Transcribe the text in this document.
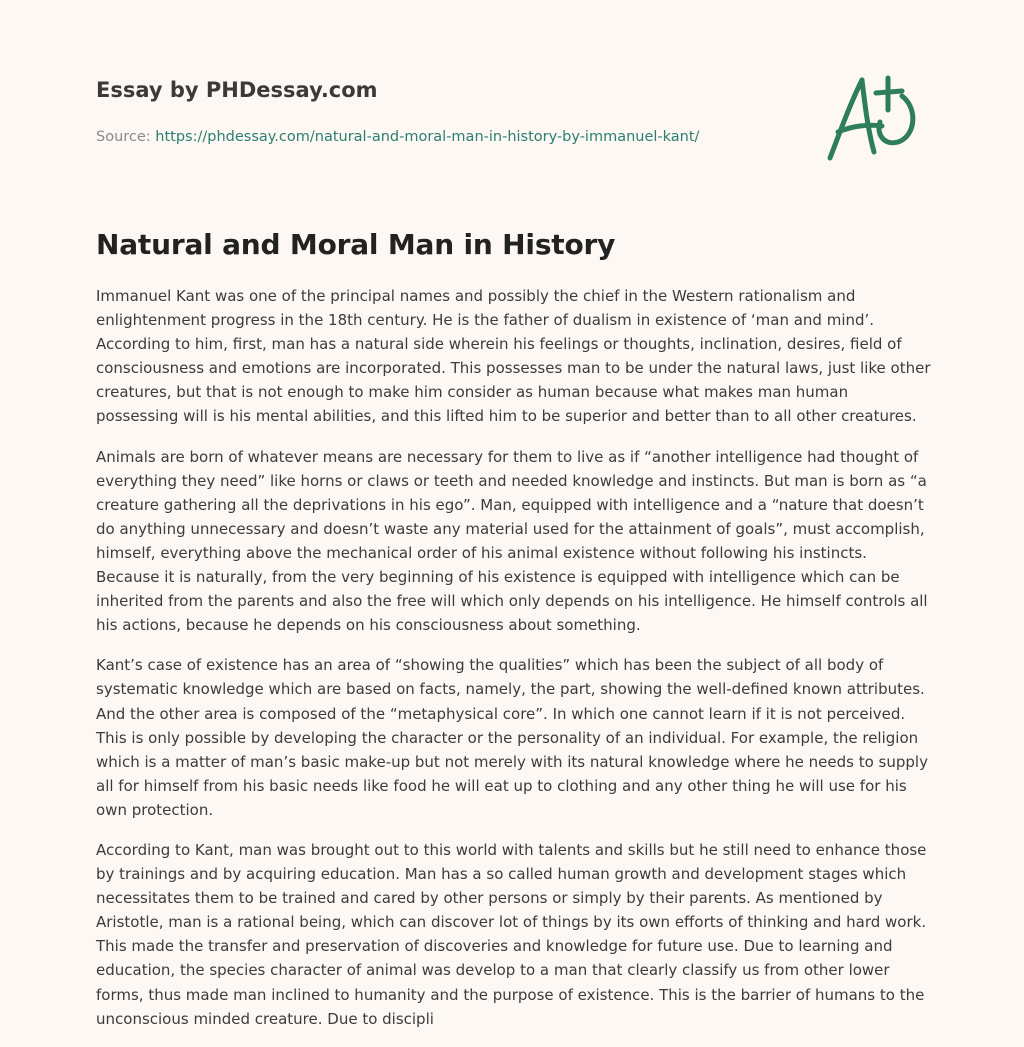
Essay by PHDessay.com
Source: https://phdessay.com/natural-and-moral-man-in-history-by-immanuel-kant/
Natural and Moral Man in History

Immanuel Kant was one of the principal names and possibly the chief in the Western rationalism and enlightenment progress in the 18th century. He is the father of dualism in existence of ‘man and mind’. According to him, first, man has a natural side wherein his feelings or thoughts, inclination, desires, field of consciousness and emotions are incorporated. This possesses man to be under the natural laws, just like other creatures, but that is not enough to make him consider as human because what makes man human possessing will is his mental abilities, and this lifted him to be superior and better than to all other creatures.

Animals are born of whatever means are necessary for them to live as if “another intelligence had thought of everything they need” like horns or claws or teeth and needed knowledge and instincts. But man is born as “a creature gathering all the deprivations in his ego”. Man, equipped with intelligence and a “nature that doesn’t do anything unnecessary and doesn’t waste any material used for the attainment of goals”, must accomplish, himself, everything above the mechanical order of his animal existence without following his instincts. Because it is naturally, from the very beginning of his existence is equipped with intelligence which can be inherited from the parents and also the free will which only depends on his intelligence. He himself controls all his actions, because he depends on his consciousness about something.

Kant’s case of existence has an area of “showing the qualities” which has been the subject of all body of systematic knowledge which are based on facts, namely, the part, showing the well-defined known attributes. And the other area is composed of the “metaphysical core”. In which one cannot learn if it is not perceived. This is only possible by developing the character or the personality of an individual. For example, the religion which is a matter of man’s basic make-up but not merely with its natural knowledge where he needs to supply all for himself from his basic needs like food he will eat up to clothing and any other thing he will use for his own protection.

According to Kant, man was brought out to this world with talents and skills but he still need to enhance those by trainings and by acquiring education. Man has a so called human growth and development stages which necessitates them to be trained and cared by other persons or simply by their parents. As mentioned by Aristotle, man is a rational being, which can discover lot of things by its own efforts of thinking and hard work. This made the transfer and preservation of discoveries and knowledge for future use. Due to learning and education, the species character of animal was develop to a man that clearly classify us from other lower forms, thus made man inclined to humanity and the purpose of existence. This is the barrier of humans to the unconscious minded creature. Due to discipli
